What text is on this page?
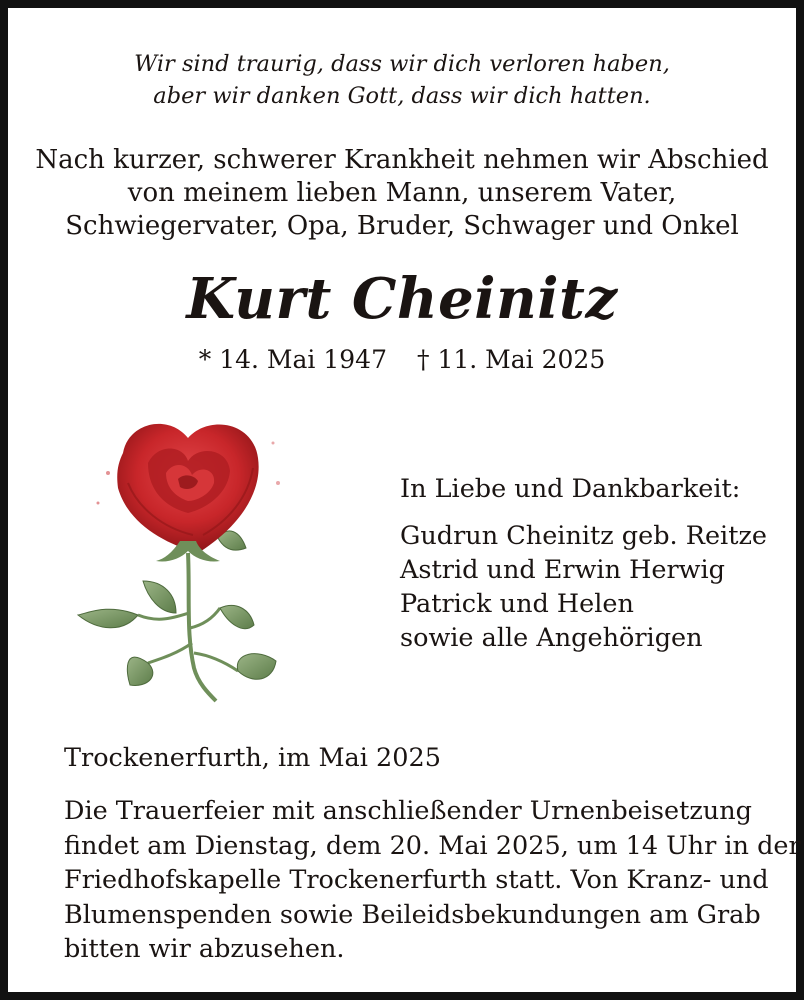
Wir sind traurig, dass wir dich verloren haben,
aber wir danken Gott, dass wir dich hatten.
Nach kurzer, schwerer Krankheit nehmen wir Abschied
von meinem lieben Mann, unserem Vater,
Schwiegervater, Opa, Bruder, Schwager und Onkel
Kurt Cheinitz
* 14. Mai 1947 † 11. Mai 2025
In Liebe und Dankbarkeit:
Gudrun Cheinitz geb. Reitze
Astrid und Erwin Herwig
Patrick und Helen
sowie alle Angehörigen
Trockenerfurth, im Mai 2025
Die Trauerfeier mit anschließender Urnenbeisetzung
findet am Dienstag, dem 20. Mai 2025, um 14 Uhr in der
Friedhofskapelle Trockenerfurth statt. Von Kranz- und
Blumenspenden sowie Beileidsbekundungen am Grab
bitten wir abzusehen.
